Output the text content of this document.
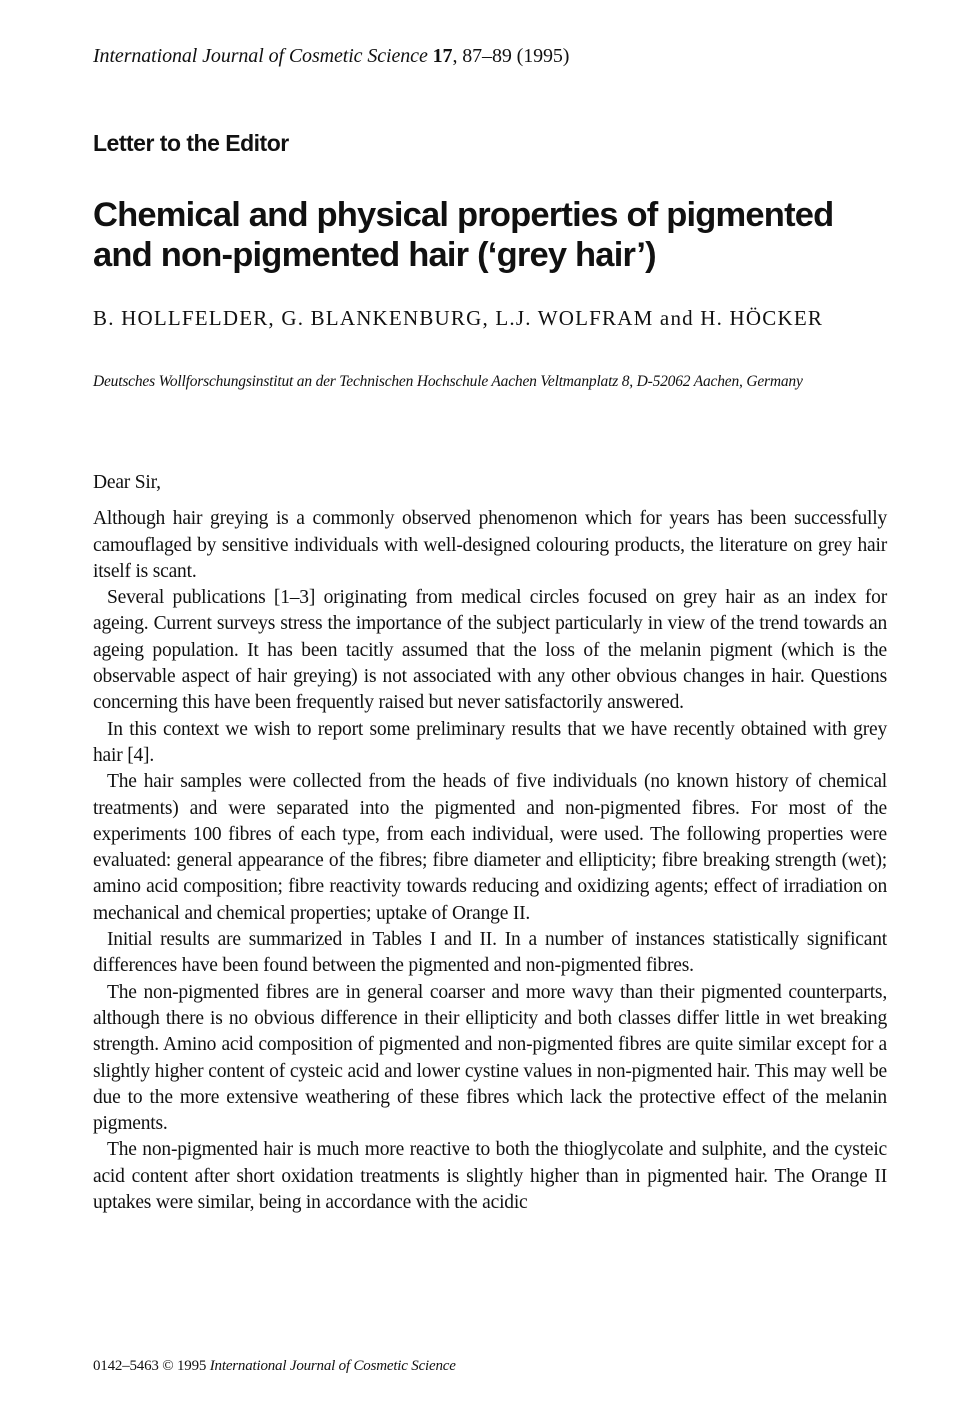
International Journal of Cosmetic Science 17, 87–89 (1995)
Letter to the Editor
Chemical and physical properties of pigmented and non-pigmented hair (‘grey hair’)
B. HOLLFELDER, G. BLANKENBURG, L.J. WOLFRAM and H. HÖCKER
Deutsches Wollforschungsinstitut an der Technischen Hochschule Aachen Veltmanplatz 8, D-52062 Aachen, Germany

Dear Sir,

Although hair greying is a commonly observed phenomenon which for years has been successfully camouflaged by sensitive individuals with well-designed colouring products, the literature on grey hair itself is scant.

Several publications [1–3] originating from medical circles focused on grey hair as an index for ageing. Current surveys stress the importance of the subject particularly in view of the trend towards an ageing population. It has been tacitly assumed that the loss of the melanin pigment (which is the observable aspect of hair greying) is not associated with any other obvious changes in hair. Questions concerning this have been frequently raised but never satisfactorily answered.

In this context we wish to report some preliminary results that we have recently obtained with grey hair [4].

The hair samples were collected from the heads of five individuals (no known history of chemical treatments) and were separated into the pigmented and non-pigmented fibres. For most of the experiments 100 fibres of each type, from each individual, were used. The following properties were evaluated: general appearance of the fibres; fibre diameter and ellipticity; fibre breaking strength (wet); amino acid composition; fibre reactivity towards reducing and oxidizing agents; effect of irradiation on mechanical and chemical properties; uptake of Orange II.

Initial results are summarized in Tables I and II. In a number of instances statistically significant differences have been found between the pigmented and non-pigmented fibres.

The non-pigmented fibres are in general coarser and more wavy than their pigmented counterparts, although there is no obvious difference in their ellipticity and both classes differ little in wet breaking strength. Amino acid composition of pigmented and non-pigmented fibres are quite similar except for a slightly higher content of cysteic acid and lower cystine values in non-pigmented hair. This may well be due to the more extensive weathering of these fibres which lack the protective effect of the melanin pigments.

The non-pigmented hair is much more reactive to both the thioglycolate and sulphite, and the cysteic acid content after short oxidation treatments is slightly higher than in pigmented hair. The Orange II uptakes were similar, being in accordance with the acidic

0142–5463 © 1995 International Journal of Cosmetic Science
